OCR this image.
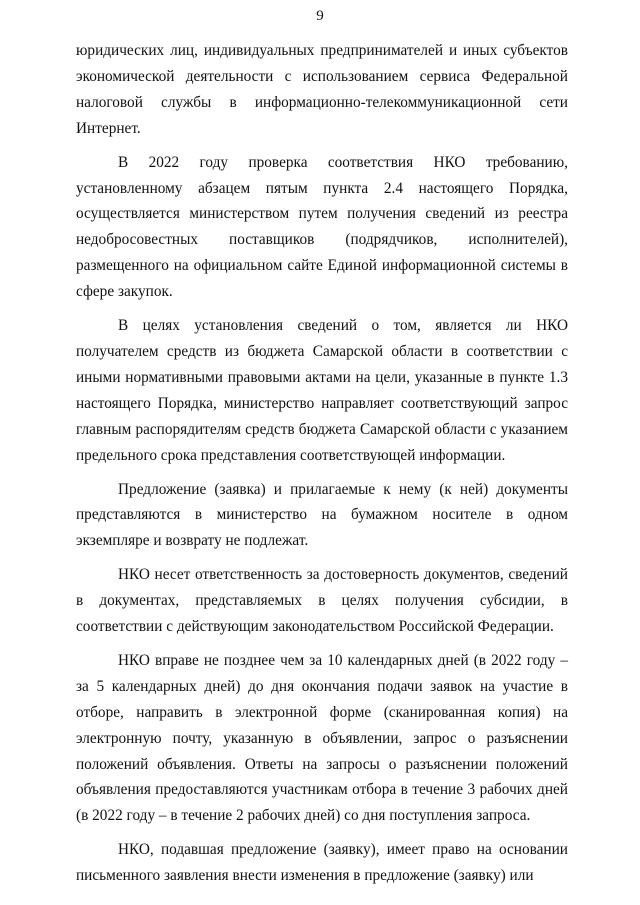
9

юридических лиц, индивидуальных предпринимателей и иных субъектов экономической деятельности с использованием сервиса Федеральной налоговой службы в информационно-телекоммуникационной сети Интернет.

В 2022 году проверка соответствия НКО требованию, установленному абзацем пятым пункта 2.4 настоящего Порядка, осуществляется министерством путем получения сведений из реестра недобросовестных поставщиков (подрядчиков, исполнителей), размещенного на официальном сайте Единой информационной системы в сфере закупок.

В целях установления сведений о том, является ли НКО получателем средств из бюджета Самарской области в соответствии с иными нормативными правовыми актами на цели, указанные в пункте 1.3 настоящего Порядка, министерство направляет соответствующий запрос главным распорядителям средств бюджета Самарской области с указанием предельного срока представления соответствующей информации.

Предложение (заявка) и прилагаемые к нему (к ней) документы представляются в министерство на бумажном носителе в одном экземпляре и возврату не подлежат.

НКО несет ответственность за достоверность документов, сведений в документах, представляемых в целях получения субсидии, в соответствии с действующим законодательством Российской Федерации.

НКО вправе не позднее чем за 10 календарных дней (в 2022 году – за 5 календарных дней) до дня окончания подачи заявок на участие в отборе, направить в электронной форме (сканированная копия) на электронную почту, указанную в объявлении, запрос о разъяснении положений объявления. Ответы на запросы о разъяснении положений объявления предоставляются участникам отбора в течение 3 рабочих дней (в 2022 году – в течение 2 рабочих дней) со дня поступления запроса.

НКО, подавшая предложение (заявку), имеет право на основании письменного заявления внести изменения в предложение (заявку) или
